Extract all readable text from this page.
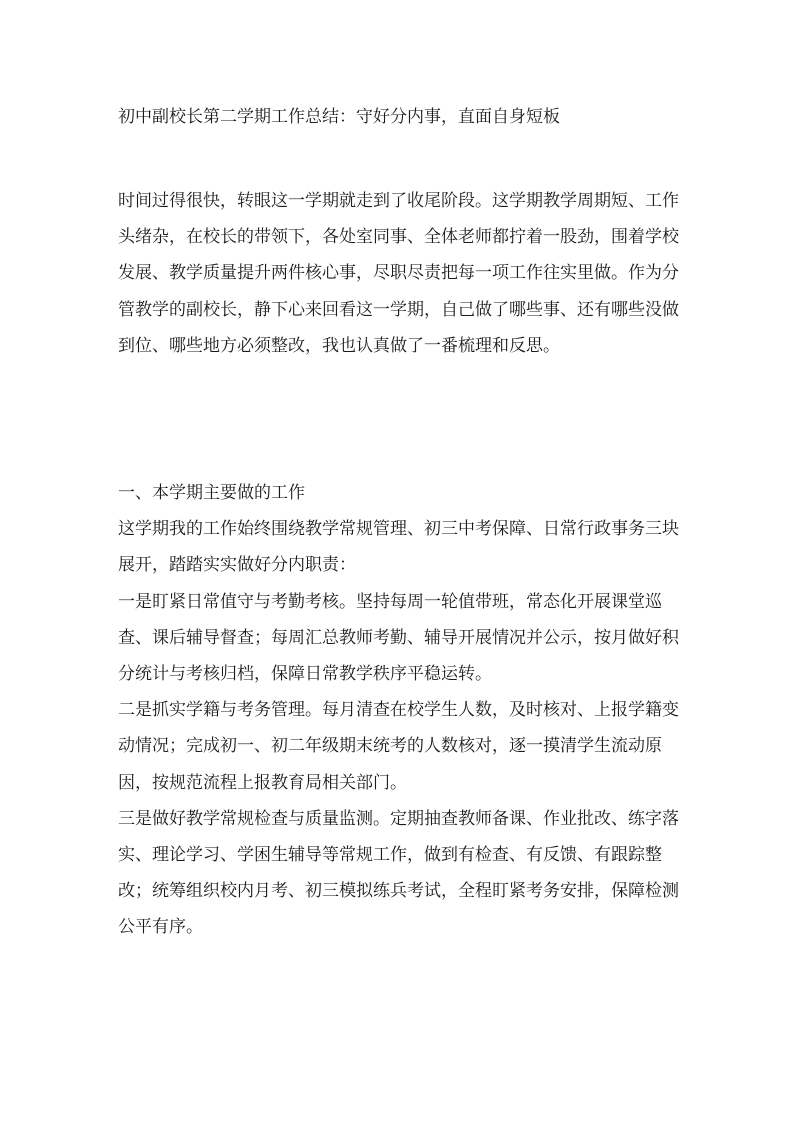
初中副校长第二学期工作总结：守好分内事，直面自身短板

时间过得很快，转眼这一学期就走到了收尾阶段。这学期教学周期短、工作头绪杂，在校长的带领下，各处室同事、全体老师都拧着一股劲，围着学校发展、教学质量提升两件核心事，尽职尽责把每一项工作往实里做。作为分管教学的副校长，静下心来回看这一学期，自己做了哪些事、还有哪些没做到位、哪些地方必须整改，我也认真做了一番梳理和反思。

一、本学期主要做的工作

这学期我的工作始终围绕教学常规管理、初三中考保障、日常行政事务三块展开，踏踏实实做好分内职责：

一是盯紧日常值守与考勤考核。坚持每周一轮值带班，常态化开展课堂巡查、课后辅导督查；每周汇总教师考勤、辅导开展情况并公示，按月做好积分统计与考核归档，保障日常教学秩序平稳运转。

二是抓实学籍与考务管理。每月清查在校学生人数，及时核对、上报学籍变动情况；完成初一、初二年级期末统考的人数核对，逐一摸清学生流动原因，按规范流程上报教育局相关部门。

三是做好教学常规检查与质量监测。定期抽查教师备课、作业批改、练字落实、理论学习、学困生辅导等常规工作，做到有检查、有反馈、有跟踪整改；统筹组织校内月考、初三模拟练兵考试，全程盯紧考务安排，保障检测公平有序。
